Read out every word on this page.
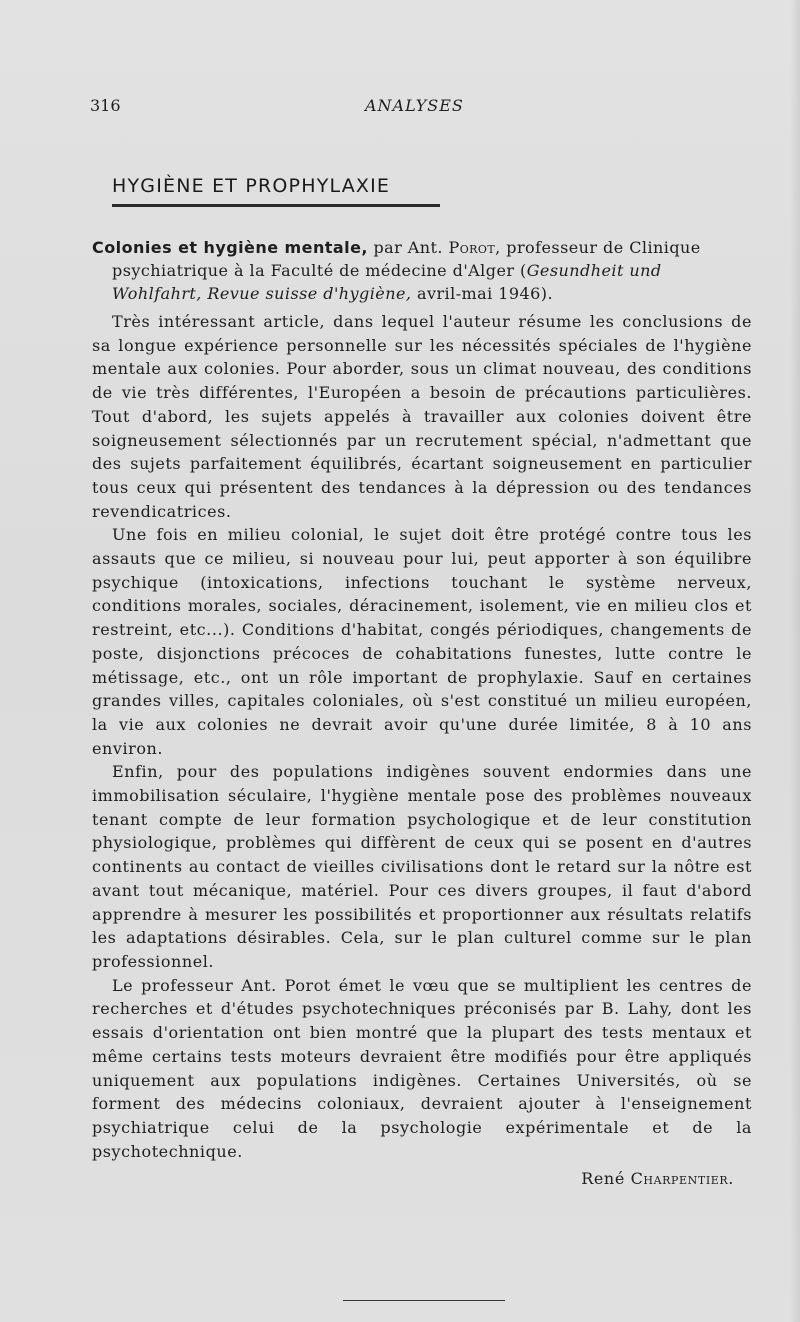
316	ANALYSES
HYGIÈNE ET PROPHYLAXIE
Colonies et hygiène mentale, par Ant. Porot, professeur de Clinique psychiatrique à la Faculté de médecine d'Alger (Gesundheit und Wohlfahrt, Revue suisse d'hygiène, avril-mai 1946).

Très intéressant article, dans lequel l'auteur résume les conclusions de sa longue expérience personnelle sur les nécessités spéciales de l'hygiène mentale aux colonies. Pour aborder, sous un climat nouveau, des conditions de vie très différentes, l'Européen a besoin de précautions particulières. Tout d'abord, les sujets appelés à travailler aux colonies doivent être soigneusement sélectionnés par un recrutement spécial, n'admettant que des sujets parfaitement équilibrés, écartant soigneusement en particulier tous ceux qui présentent des tendances à la dépression ou des tendances revendicatrices.

Une fois en milieu colonial, le sujet doit être protégé contre tous les assauts que ce milieu, si nouveau pour lui, peut apporter à son équilibre psychique (intoxications, infections touchant le système nerveux, conditions morales, sociales, déracinement, isolement, vie en milieu clos et restreint, etc...). Conditions d'habitat, congés périodiques, changements de poste, disjonctions précoces de cohabitations funestes, lutte contre le métissage, etc., ont un rôle important de prophylaxie. Sauf en certaines grandes villes, capitales coloniales, où s'est constitué un milieu européen, la vie aux colonies ne devrait avoir qu'une durée limitée, 8 à 10 ans environ.

Enfin, pour des populations indigènes souvent endormies dans une immobilisation séculaire, l'hygiène mentale pose des problèmes nouveaux tenant compte de leur formation psychologique et de leur constitution physiologique, problèmes qui diffèrent de ceux qui se posent en d'autres continents au contact de vieilles civilisations dont le retard sur la nôtre est avant tout mécanique, matériel. Pour ces divers groupes, il faut d'abord apprendre à mesurer les possibilités et proportionner aux résultats relatifs les adaptations désirables. Cela, sur le plan culturel comme sur le plan professionnel.

Le professeur Ant. Porot émet le vœu que se multiplient les centres de recherches et d'études psychotechniques préconisés par B. Lahy, dont les essais d'orientation ont bien montré que la plupart des tests mentaux et même certains tests moteurs devraient être modifiés pour être appliqués uniquement aux populations indigènes. Certaines Universités, où se forment des médecins coloniaux, devraient ajouter à l'enseignement psychiatrique celui de la psychologie expérimentale et de la psychotechnique.

René Charpentier.
